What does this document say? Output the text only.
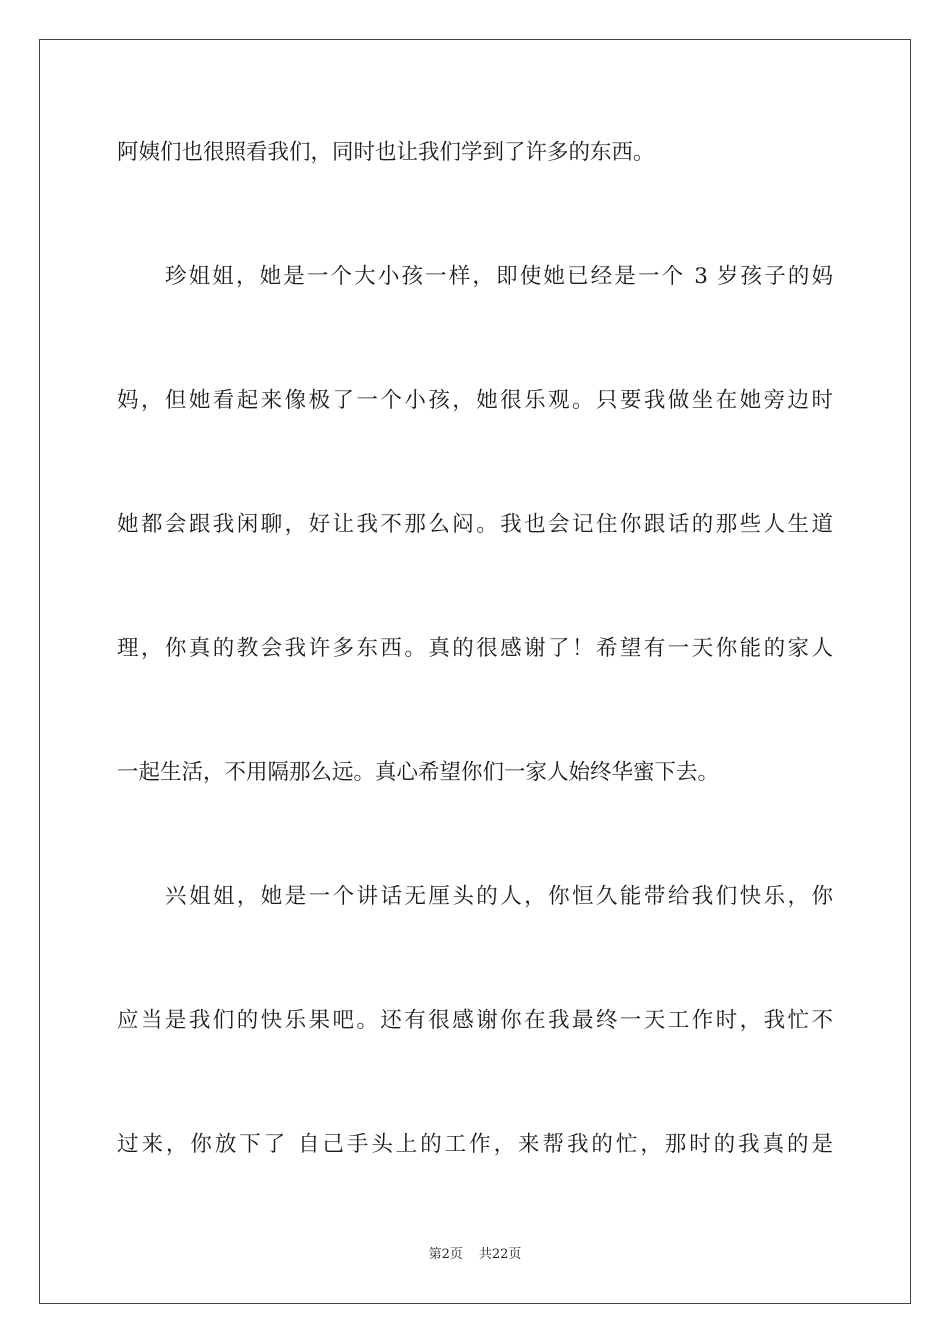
阿姨们也很照看我们，同时也让我们学到了许多的东西。
珍姐姐，她是一个大小孩一样，即使她已经是一个 3 岁孩子的妈
妈，但她看起来像极了一个小孩，她很乐观。只要我做坐在她旁边时
她都会跟我闲聊，好让我不那么闷。我也会记住你跟话的那些人生道
理，你真的教会我许多东西。真的很感谢了！希望有一天你能的家人
一起生活，不用隔那么远。真心希望你们一家人始终华蜜下去。
兴姐姐，她是一个讲话无厘头的人，你恒久能带给我们快乐，你
应当是我们的快乐果吧。还有很感谢你在我最终一天工作时，我忙不
过来，你放下了 自己手头上的工作，来帮我的忙，那时的我真的是
第2页 共22页
